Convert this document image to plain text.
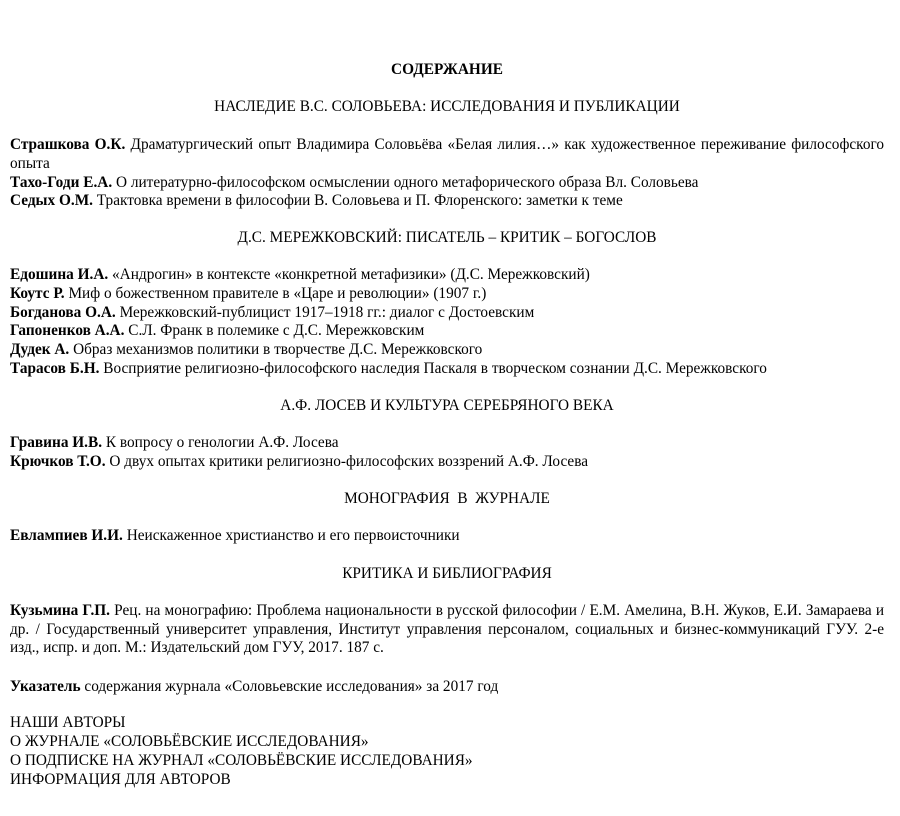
СОДЕРЖАНИЕ
НАСЛЕДИЕ В.С. СОЛОВЬЕВА: ИССЛЕДОВАНИЯ И ПУБЛИКАЦИИ
Страшкова О.К. Драматургический опыт Владимира Соловьёва «Белая лилия…» как художественное переживание философского опыта
Тахо-Годи Е.А. О литературно-философском осмыслении одного метафорического образа Вл. Соловьева
Седых О.М. Трактовка времени в философии В. Соловьева и П. Флоренского: заметки к теме
Д.С. МЕРЕЖКОВСКИЙ: ПИСАТЕЛЬ – КРИТИК – БОГОСЛОВ
Едошина И.А. «Андрогин» в контексте «конкретной метафизики» (Д.С. Мережковский)
Коутс Р. Миф о божественном правителе в «Царе и революции» (1907 г.)
Богданова О.А. Мережковский-публицист 1917–1918 гг.: диалог с Достоевским
Гапоненков А.А. С.Л. Франк в полемике с Д.С. Мережковским
Дудек А. Образ механизмов политики в творчестве Д.С. Мережковского
Тарасов Б.Н. Восприятие религиозно-философского наследия Паскаля в творческом сознании Д.С. Мережковского
А.Ф. ЛОСЕВ И КУЛЬТУРА СЕРЕБРЯНОГО ВЕКА
Гравина И.В. К вопросу о генологии А.Ф. Лосева
Крючков Т.О. О двух опытах критики религиозно-философских воззрений А.Ф. Лосева
МОНОГРАФИЯ  В  ЖУРНАЛЕ
Евлампиев И.И. Неискаженное христианство и его первоисточники
КРИТИКА И БИБЛИОГРАФИЯ
Кузьмина Г.П. Рец. на монографию: Проблема национальности в русской философии / Е.М. Амелина, В.Н. Жуков, Е.И. Замараева и др. / Государственный университет управления, Институт управления персоналом, социальных и бизнес-коммуникаций ГУУ. 2-е изд., испр. и доп. М.: Издательский дом ГУУ, 2017. 187 с.
Указатель содержания журнала «Соловьевские исследования» за 2017 год
НАШИ АВТОРЫ
О ЖУРНАЛЕ «СОЛОВЬЁВСКИЕ ИССЛЕДОВАНИЯ»
О ПОДПИСКЕ НА ЖУРНАЛ «СОЛОВЬЁВСКИЕ ИССЛЕДОВАНИЯ»
ИНФОРМАЦИЯ ДЛЯ АВТОРОВ
